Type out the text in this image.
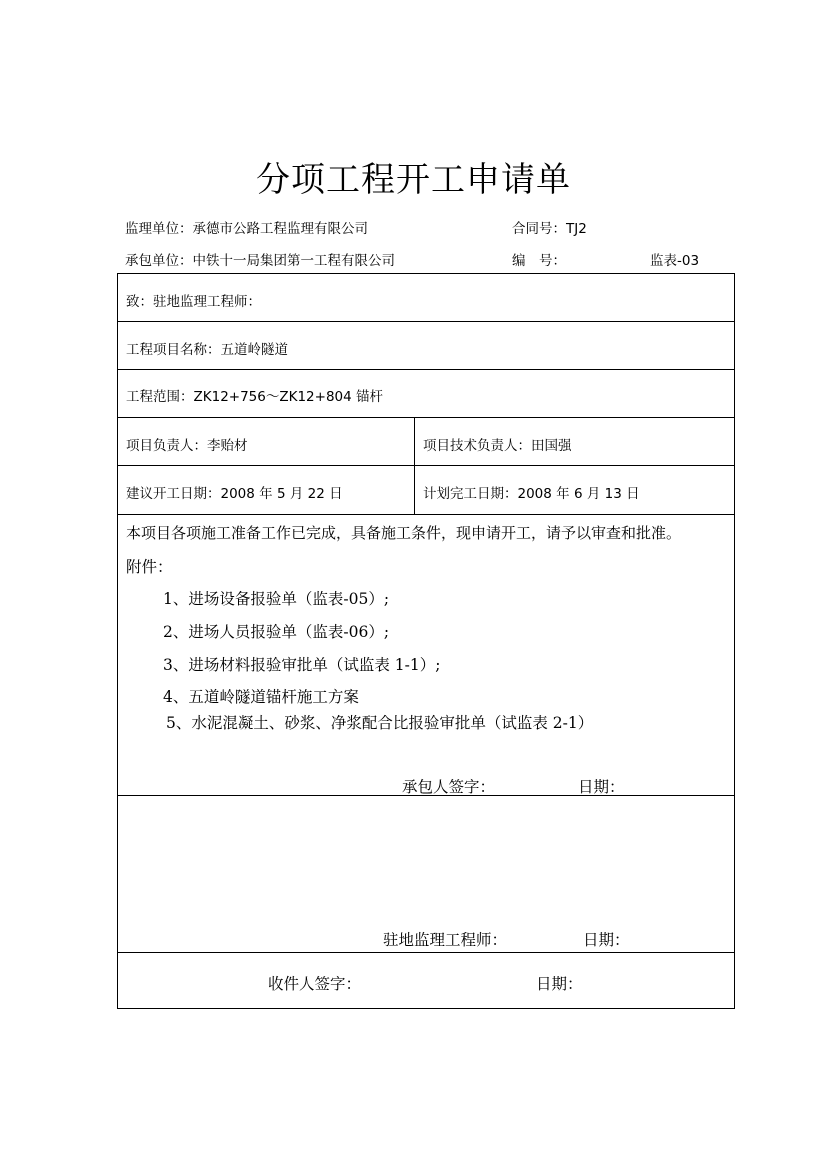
分项工程开工申请单
监理单位：承德市公路工程监理有限公司	合同号：TJ2
承包单位：中铁十一局集团第一工程有限公司	编　号：	监表-03
致：驻地监理工程师：
工程项目名称：五道岭隧道
工程范围：ZK12+756～ZK12+804 锚杆
项目负责人：李贻材	项目技术负责人：田国强
建议开工日期：2008 年 5 月 22 日	计划完工日期：2008 年 6 月 13 日
本项目各项施工准备工作已完成，具备施工条件，现申请开工，请予以审查和批准。
附件：
1、进场设备报验单（监表-05）;
2、进场人员报验单（监表-06）;
3、进场材料报验审批单（试监表 1-1）;
4、五道岭隧道锚杆施工方案
5、水泥混凝土、砂浆、净浆配合比报验审批单（试监表 2-1）
承包人签字：	日期：
驻地监理工程师：	日期：
收件人签字：	日期：
